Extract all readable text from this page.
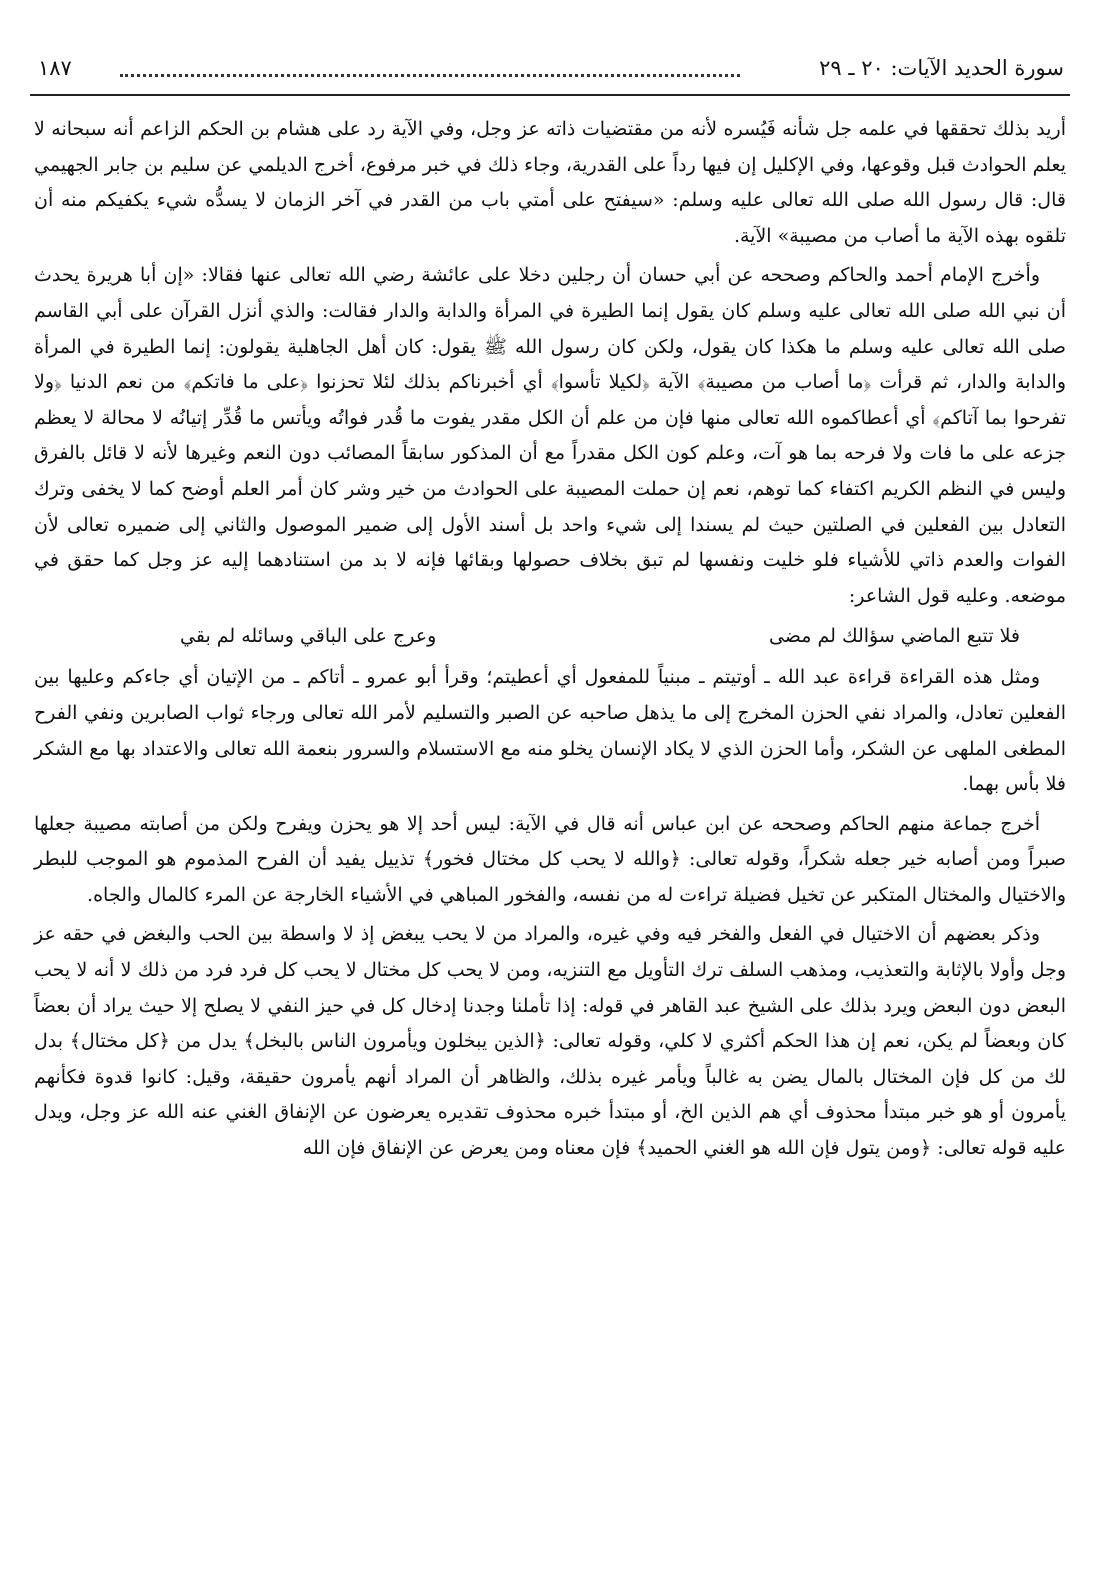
سورة الحديد الآيات: ٢٠ ـ ٢٩
١٨٧

أريد بذلك تحققها في علمه جل شأنه فَيُسره لأنه من مقتضيات ذاته عز وجل، وفي الآية رد على هشام بن الحكم الزاعم أنه سبحانه لا يعلم الحوادث قبل وقوعها، وفي الإكليل إن فيها رداً على القدرية، وجاء ذلك في خبر مرفوع، أخرج الديلمي عن سليم بن جابر الجهيمي قال: قال رسول الله صلى الله تعالى عليه وسلم: «سيفتح على أمتي باب من القدر في آخر الزمان لا يسدُّه شيء يكفيكم منه أن تلقوه بهذه الآية ما أصاب من مصيبة» الآية.

وأخرج الإمام أحمد والحاكم وصححه عن أبي حسان أن رجلين دخلا على عائشة رضي الله تعالى عنها فقالا: «إن أبا هريرة يحدث أن نبي الله صلى الله تعالى عليه وسلم كان يقول إنما الطيرة في المرأة والدابة والدار فقالت: والذي أنزل القرآن على أبي القاسم صلى الله تعالى عليه وسلم ما هكذا كان يقول، ولكن كان رسول الله ﷺ يقول: كان أهل الجاهلية يقولون: إنما الطيرة في المرأة والدابة والدار، ثم قرأت ﴿ما أصاب من مصيبة﴾ الآية ﴿لكيلا تأسوا﴾ أي أخبرناكم بذلك لئلا تحزنوا ﴿على ما فاتكم﴾ من نعم الدنيا ﴿ولا تفرحوا بما آتاكم﴾ أي أعطاكموه الله تعالى منها فإن من علم أن الكل مقدر يفوت ما قُدر فواتُه ويأتس ما قُدِّر إتيانُه لا محالة لا يعظم جزعه على ما فات ولا فرحه بما هو آت، وعلم كون الكل مقدراً مع أن المذكور سابقاً المصائب دون النعم وغيرها لأنه لا قائل بالفرق وليس في النظم الكريم اكتفاء كما توهم، نعم إن حملت المصيبة على الحوادث من خير وشر كان أمر العلم أوضح كما لا يخفى وترك التعادل بين الفعلين في الصلتين حيث لم يسندا إلى شيء واحد بل أسند الأول إلى ضمير الموصول والثاني إلى ضميره تعالى لأن الفوات والعدم ذاتي للأشياء فلو خليت ونفسها لم تبق بخلاف حصولها وبقائها فإنه لا بد من استنادهما إليه عز وجل كما حقق في موضعه. وعليه قول الشاعر:

فلا تتبع الماضي سؤالك لم مضى
وعرج على الباقي وسائله لم بقي

ومثل هذه القراءة قراءة عبد الله ـ أوتيتم ـ مبنياً للمفعول أي أعطيتم؛ وقرأ أبو عمرو ـ أتاكم ـ من الإتيان أي جاءكم وعليها بين الفعلين تعادل، والمراد نفي الحزن المخرج إلى ما يذهل صاحبه عن الصبر والتسليم لأمر الله تعالى ورجاء ثواب الصابرين ونفي الفرح المطغى الملهى عن الشكر، وأما الحزن الذي لا يكاد الإنسان يخلو منه مع الاستسلام والسرور بنعمة الله تعالى والاعتداد بها مع الشكر فلا بأس بهما.

أخرج جماعة منهم الحاكم وصححه عن ابن عباس أنه قال في الآية: ليس أحد إلا هو يحزن ويفرح ولكن من أصابته مصيبة جعلها صبراً ومن أصابه خير جعله شكراً، وقوله تعالى: ﴿والله لا يحب كل مختال فخور﴾ تذييل يفيد أن الفرح المذموم هو الموجب للبطر والاختيال والمختال المتكبر عن تخيل فضيلة تراءت له من نفسه، والفخور المباهي في الأشياء الخارجة عن المرء كالمال والجاه.

وذكر بعضهم أن الاختيال في الفعل والفخر فيه وفي غيره، والمراد من لا يحب يبغض إذ لا واسطة بين الحب والبغض في حقه عز وجل وأولا بالإثابة والتعذيب، ومذهب السلف ترك التأويل مع التنزيه، ومن لا يحب كل مختال لا يحب كل فرد فرد من ذلك لا أنه لا يحب البعض دون البعض ويرد بذلك على الشيخ عبد القاهر في قوله: إذا تأملنا وجدنا إدخال كل في حيز النفي لا يصلح إلا حيث يراد أن بعضاً كان وبعضاً لم يكن، نعم إن هذا الحكم أكثري لا كلي، وقوله تعالى: ﴿الذين يبخلون ويأمرون الناس بالبخل﴾ يدل من ﴿كل مختال﴾ بدل لك من كل فإن المختال بالمال يضن به غالباً ويأمر غيره بذلك، والظاهر أن المراد أنهم يأمرون حقيقة، وقيل: كانوا قدوة فكأنهم يأمرون أو هو خبر مبتدأ محذوف أي هم الذين الخ، أو مبتدأ خبره محذوف تقديره يعرضون عن الإنفاق الغني عنه الله عز وجل، ويدل عليه قوله تعالى: ﴿ومن يتول فإن الله هو الغني الحميد﴾ فإن معناه ومن يعرض عن الإنفاق فإن الله
